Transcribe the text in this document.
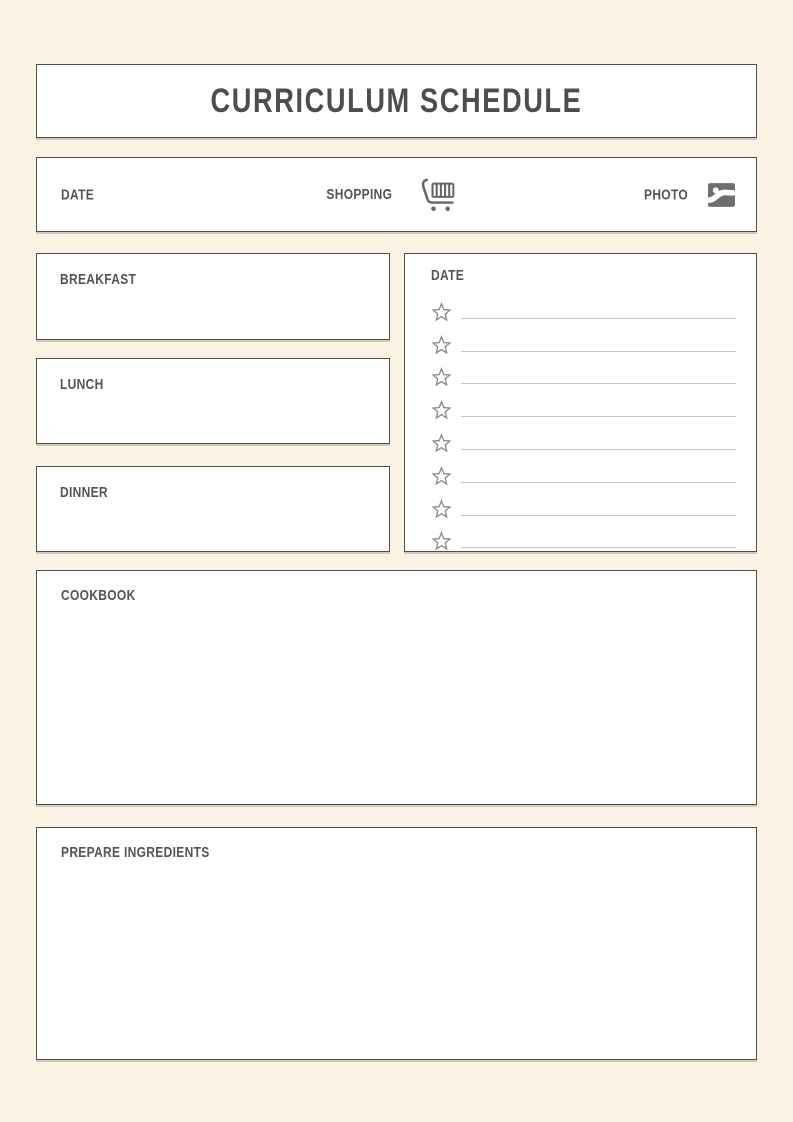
CURRICULUM SCHEDULE
DATE	SHOPPING	PHOTO
BREAKFAST
LUNCH
DINNER
DATE
COOKBOOK
PREPARE INGREDIENTS
